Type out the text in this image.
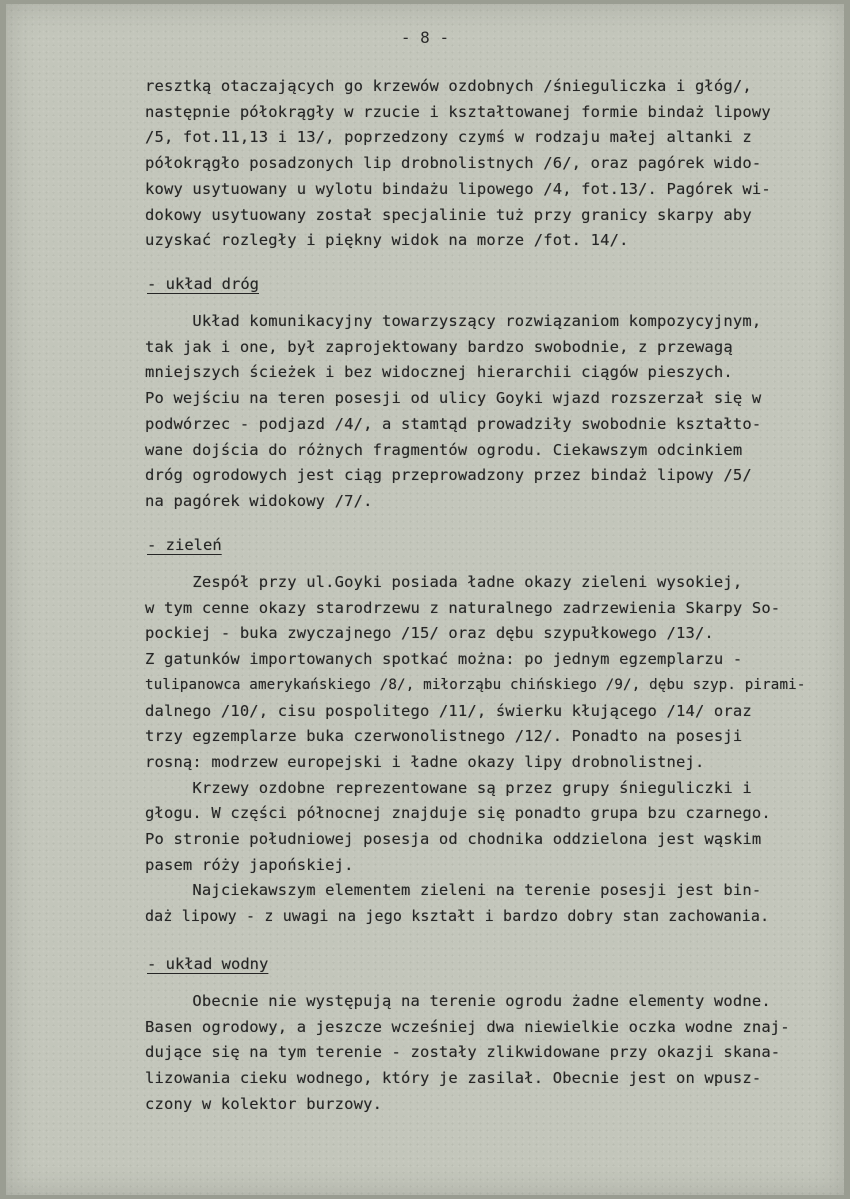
- 8 -
resztką otaczających go krzewów ozdobnych /śnieguliczka i głóg/,
następnie półokrągły w rzucie i kształtowanej formie bindaż lipowy
/5, fot.11,13 i 13/, poprzedzony czymś w rodzaju małej altanki z
półokrągło posadzonych lip drobnolistnych /6/, oraz pagórek wido-
kowy usytuowany u wylotu bindażu lipowego /4, fot.13/. Pagórek wi-
dokowy usytuowany został specjalinie tuż przy granicy skarpy aby
uzyskać rozległy i piękny widok na morze /fot. 14/.
- układ dróg
Układ komunikacyjny towarzyszący rozwiązaniom kompozycyjnym,
tak jak i one, był zaprojektowany bardzo swobodnie, z przewagą
mniejszych ścieżek i bez widocznej hierarchii ciągów pieszych.
Po wejściu na teren posesji od ulicy Goyki wjazd rozszerzał się w
podwórzec - podjazd /4/, a stamtąd prowadziły swobodnie kształto-
wane dojścia do różnych fragmentów ogrodu. Ciekawszym odcinkiem
dróg ogrodowych jest ciąg przeprowadzony przez bindaż lipowy /5/
na pagórek widokowy /7/.
- zieleń
Zespół przy ul.Goyki posiada ładne okazy zieleni wysokiej,
w tym cenne okazy starodrzewu z naturalnego zadrzewienia Skarpy So-
pockiej - buka zwyczajnego /15/ oraz dębu szypułkowego /13/.
Z gatunków importowanych spotkać można: po jednym egzemplarzu -
tulipanowca amerykańskiego /8/, miłorząbu chińskiego /9/, dębu szyp. pirami-
dalnego /10/, cisu pospolitego /11/, świerku kłującego /14/ oraz
trzy egzemplarze buka czerwonolistnego /12/. Ponadto na posesji
rosną: modrzew europejski i ładne okazy lipy drobnolistnej.
Krzewy ozdobne reprezentowane są przez grupy śnieguliczki i
głogu. W części północnej znajduje się ponadto grupa bzu czarnego.
Po stronie południowej posesja od chodnika oddzielona jest wąskim
pasem róży japońskiej.
Najciekawszym elementem zieleni na terenie posesji jest bin-
daż lipowy - z uwagi na jego kształt i bardzo dobry stan zachowania.
- układ wodny
Obecnie nie występują na terenie ogrodu żadne elementy wodne.
Basen ogrodowy, a jeszcze wcześniej dwa niewielkie oczka wodne znaj-
dujące się na tym terenie - zostały zlikwidowane przy okazji skana-
lizowania cieku wodnego, który je zasilał. Obecnie jest on wpusz-
czony w kolektor burzowy.
